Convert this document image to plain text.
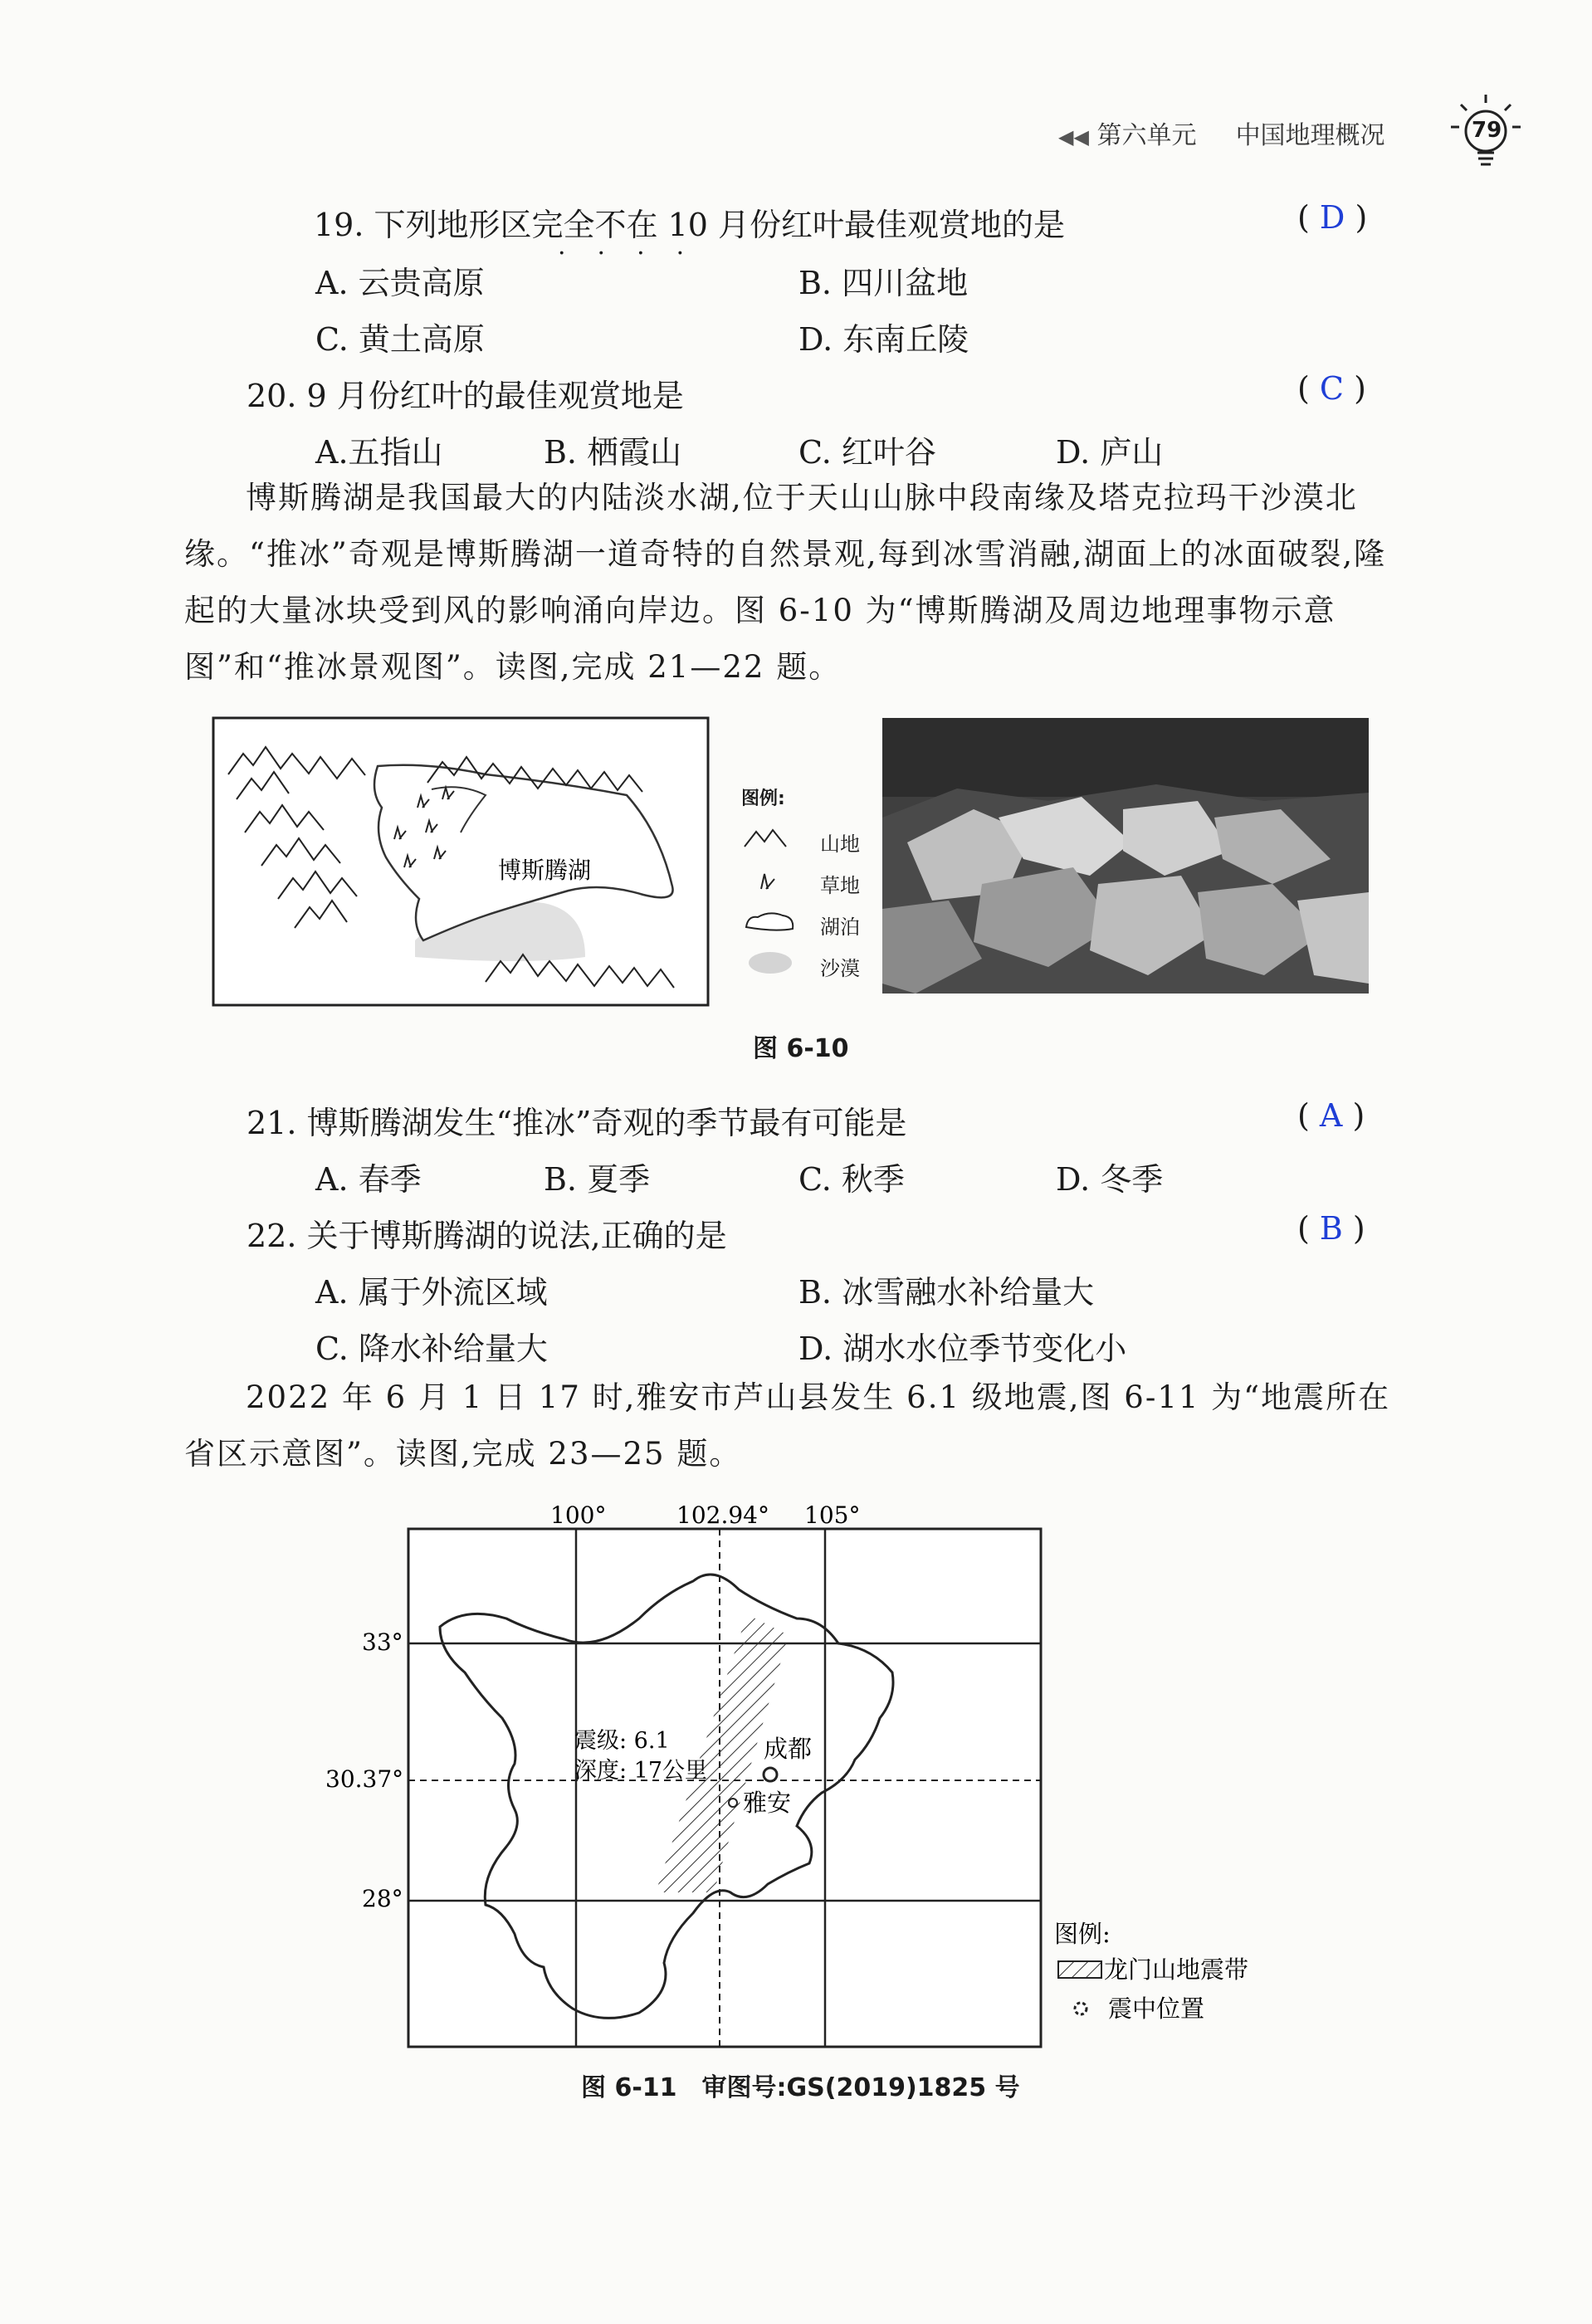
◀◀ 第六单元 中国地理概况	79
19. 下列地形区完全不在 10 月份红叶最佳观赏地的是
····
( D )
A. 云贵高原	B. 四川盆地
C. 黄土高原	D. 东南丘陵
20. 9 月份红叶的最佳观赏地是	( C )
A.五指山	B. 栖霞山	C. 红叶谷	D. 庐山
博斯腾湖是我国最大的内陆淡水湖,位于天山山脉中段南缘及塔克拉玛干沙漠北缘。“推冰”奇观是博斯腾湖一道奇特的自然景观,每到冰雪消融,湖面上的冰面破裂,隆起的大量冰块受到风的影响涌向岸边。图 6-10 为“博斯腾湖及周边地理事物示意图”和“推冰景观图”。读图,完成 21—22 题。
博斯腾湖
图例:
山地
草地
湖泊
沙漠
图 6-10
21. 博斯腾湖发生“推冰”奇观的季节最有可能是	( A )
A. 春季	B. 夏季	C. 秋季	D. 冬季
22. 关于博斯腾湖的说法,正确的是	( B )
A. 属于外流区域	B. 冰雪融水补给量大
C. 降水补给量大	D. 湖水水位季节变化小
2022 年 6 月 1 日 17 时,雅安市芦山县发生 6.1 级地震,图 6-11 为“地震所在省区示意图”。读图,完成 23—25 题。
100°	102.94° 105°
33°
30.37°
28°
震级: 6.1
深度: 17公里
成都
雅安
图例:
龙门山地震带
震中位置
图 6-11 审图号:GS(2019)1825 号
